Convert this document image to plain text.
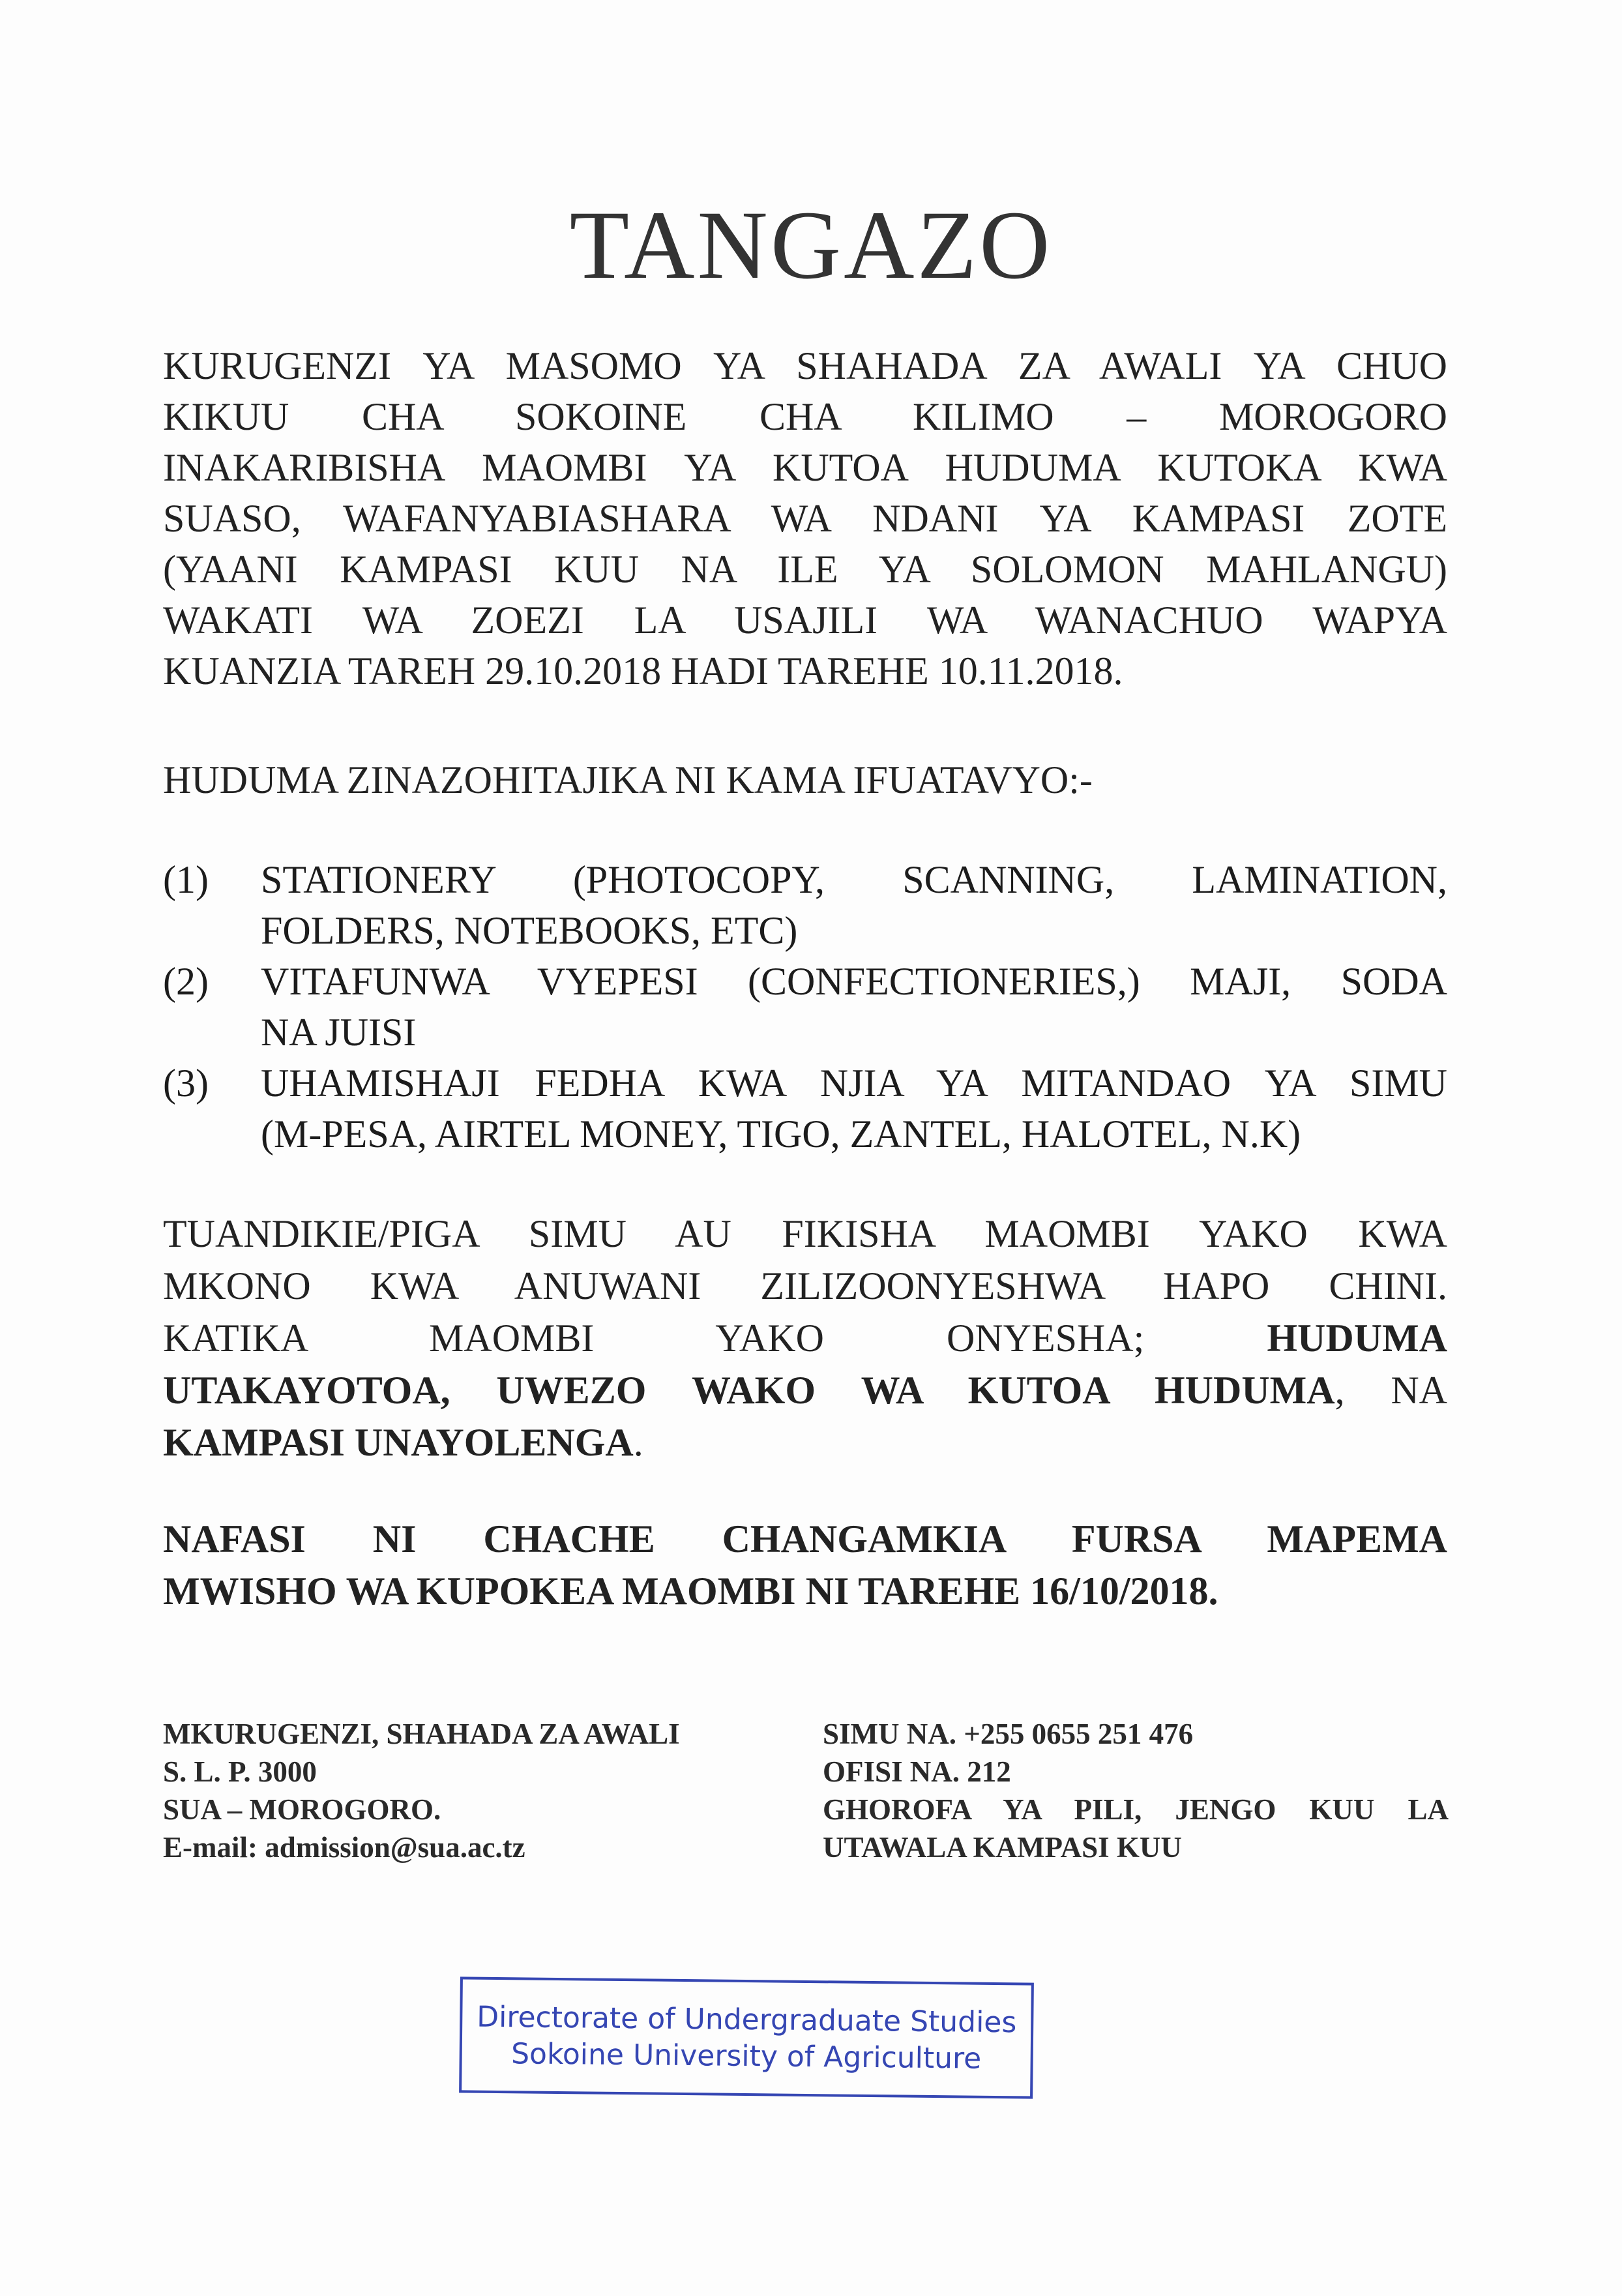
TANGAZO
KURUGENZI YA MASOMO YA SHAHADA ZA AWALI YA CHUO
KIKUU CHA SOKOINE CHA KILIMO – MOROGORO
INAKARIBISHA MAOMBI YA KUTOA HUDUMA KUTOKA KWA
SUASO, WAFANYABIASHARA WA NDANI YA KAMPASI ZOTE
(YAANI KAMPASI KUU NA ILE YA SOLOMON MAHLANGU)
WAKATI WA ZOEZI LA USAJILI WA WANACHUO WAPYA
KUANZIA TAREH 29.10.2018 HADI TAREHE 10.11.2018.
HUDUMA ZINAZOHITAJIKA NI KAMA IFUATAVYO:-
(1)	STATIONERY (PHOTOCOPY, SCANNING, LAMINATION,
FOLDERS, NOTEBOOKS, ETC)
(2)	VITAFUNWA VYEPESI (CONFECTIONERIES,) MAJI, SODA
NA JUISI
(3)	UHAMISHAJI FEDHA KWA NJIA YA MITANDAO YA SIMU
(M-PESA, AIRTEL MONEY, TIGO, ZANTEL, HALOTEL, N.K)
TUANDIKIE/PIGA SIMU AU FIKISHA MAOMBI YAKO KWA
MKONO KWA ANUWANI ZILIZOONYESHWA HAPO CHINI.
KATIKA MAOMBI YAKO ONYESHA;	HUDUMA
UTAKAYOTOA, UWEZO WAKO WA KUTOA HUDUMA, NA
KAMPASI UNAYOLENGA.
NAFASI NI CHACHE CHANGAMKIA FURSA MAPEMA
MWISHO WA KUPOKEA MAOMBI NI TAREHE 16/10/2018.
MKURUGENZI, SHAHADA ZA AWALI
S. L. P. 3000
SUA – MOROGORO.
E-mail: admission@sua.ac.tz
SIMU NA. +255 0655 251 476
OFISI NA. 212
GHOROFA YA PILI, JENGO KUU LA
UTAWALA KAMPASI KUU
Directorate of Undergraduate Studies
Sokoine University of Agriculture
